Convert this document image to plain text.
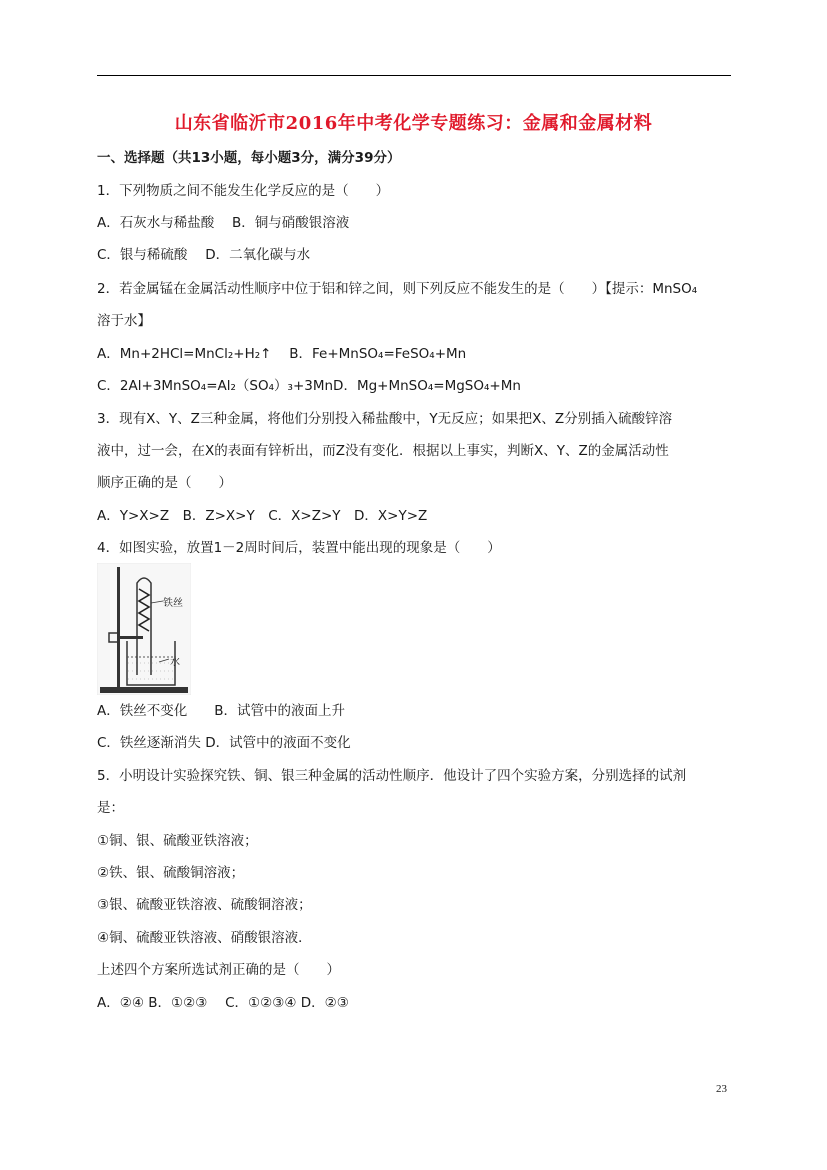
山东省临沂市2016年中考化学专题练习：金属和金属材料
一、选择题（共13小题，每小题3分，满分39分）
1．下列物质之间不能发生化学反应的是（　　）
A．石灰水与稀盐酸　 B．铜与硝酸银溶液
C．银与稀硫酸　 D．二氧化碳与水
2．若金属锰在金属活动性顺序中位于铝和锌之间，则下列反应不能发生的是（　　）【提示：MnSO₄
溶于水】
A．Mn+2HCl=MnCl₂+H₂↑　 B．Fe+MnSO₄=FeSO₄+Mn
C．2Al+3MnSO₄=Al₂（SO₄）₃+3MnD．Mg+MnSO₄=MgSO₄+Mn
3．现有X、Y、Z三种金属，将他们分别投入稀盐酸中，Y无反应；如果把X、Z分别插入硫酸锌溶
液中，过一会，在X的表面有锌析出，而Z没有变化．根据以上事实，判断X、Y、Z的金属活动性
顺序正确的是（　　）
A．Y>X>Z　B．Z>X>Y　C．X>Z>Y　D．X>Y>Z
4．如图实验，放置1－2周时间后，装置中能出现的现象是（　　）
铁丝
水
A．铁丝不变化　　B．试管中的液面上升
C．铁丝逐渐消失 D．试管中的液面不变化
5．小明设计实验探究铁、铜、银三种金属的活动性顺序．他设计了四个实验方案，分别选择的试剂
是：
①铜、银、硫酸亚铁溶液；
②铁、银、硫酸铜溶液；
③银、硫酸亚铁溶液、硫酸铜溶液；
④铜、硫酸亚铁溶液、硝酸银溶液．
上述四个方案所选试剂正确的是（　　）
A．②④ B．①②③　 C．①②③④ D．②③
23
